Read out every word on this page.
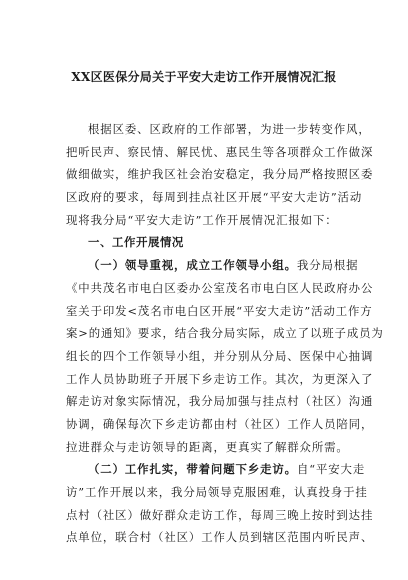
XX区医保分局关于平安大走访工作开展情况汇报
根据区委、区政府的工作部署，为进一步转变作风，
把听民声、察民情、解民忧、惠民生等各项群众工作做深
做细做实，维护我区社会治安稳定，我分局严格按照区委
区政府的要求，每周到挂点社区开展“平安大走访”活动
现将我分局“平安大走访”工作开展情况汇报如下：
一、工作开展情况
（一）领导重视，成立工作领导小组。我分局根据
《中共茂名市电白区委办公室茂名市电白区人民政府办公
室关于印发<茂名市电白区开展“平安大走访”活动工作方
案>的通知》要求，结合我分局实际，成立了以班子成员为
组长的四个工作领导小组，并分别从分局、医保中心抽调
工作人员协助班子开展下乡走访工作。其次，为更深入了
解走访对象实际情况，我分局加强与挂点村（社区）沟通
协调，确保每次下乡走访都由村（社区）工作人员陪同，
拉进群众与走访领导的距离，更真实了解群众所需。
（二）工作扎实，带着问题下乡走访。自“平安大走
访”工作开展以来，我分局领导克服困难，认真投身于挂
点村（社区）做好群众走访工作，每周三晚上按时到达挂
点单位，联合村（社区）工作人员到辖区范围内听民声、
